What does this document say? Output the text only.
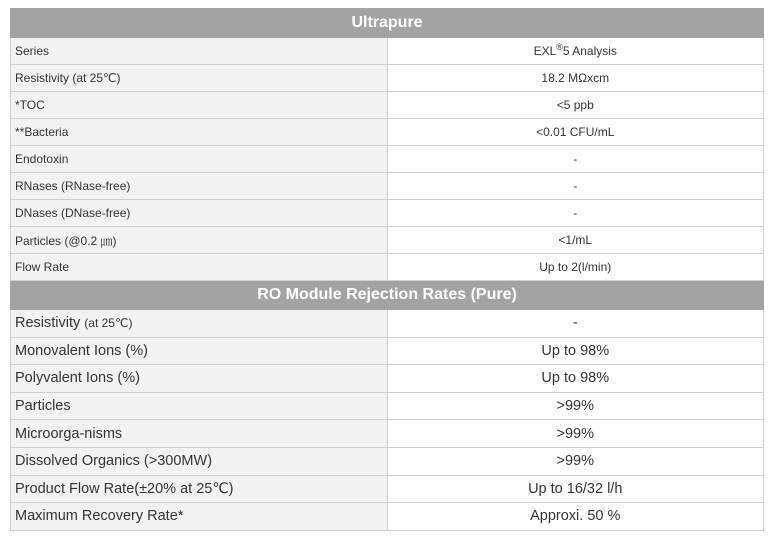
Ultrapure	
Series	EXL®5 Analysis
Resistivity (at 25℃)	18.2 MΩxcm
*TOC	<5 ppb
**Bacteria	<0.01 CFU/mL
Endotoxin	-
RNases (RNase-free)	-
DNases (DNase-free)	-
Particles (@0.2 ㎛)	<1/mL
Flow Rate	Up to 2(l/min)
RO Module Rejection Rates (Pure)	
Resistivity (at 25℃)	-
Monovalent Ions (%)	Up to 98%
Polyvalent Ions (%)	Up to 98%
Particles	>99%
Microorga-nisms	>99%
Dissolved Organics (>300MW)	>99%
Product Flow Rate(±20% at 25℃)	Up to 16/32 l/h
Maximum Recovery Rate*	Approxi. 50 %
